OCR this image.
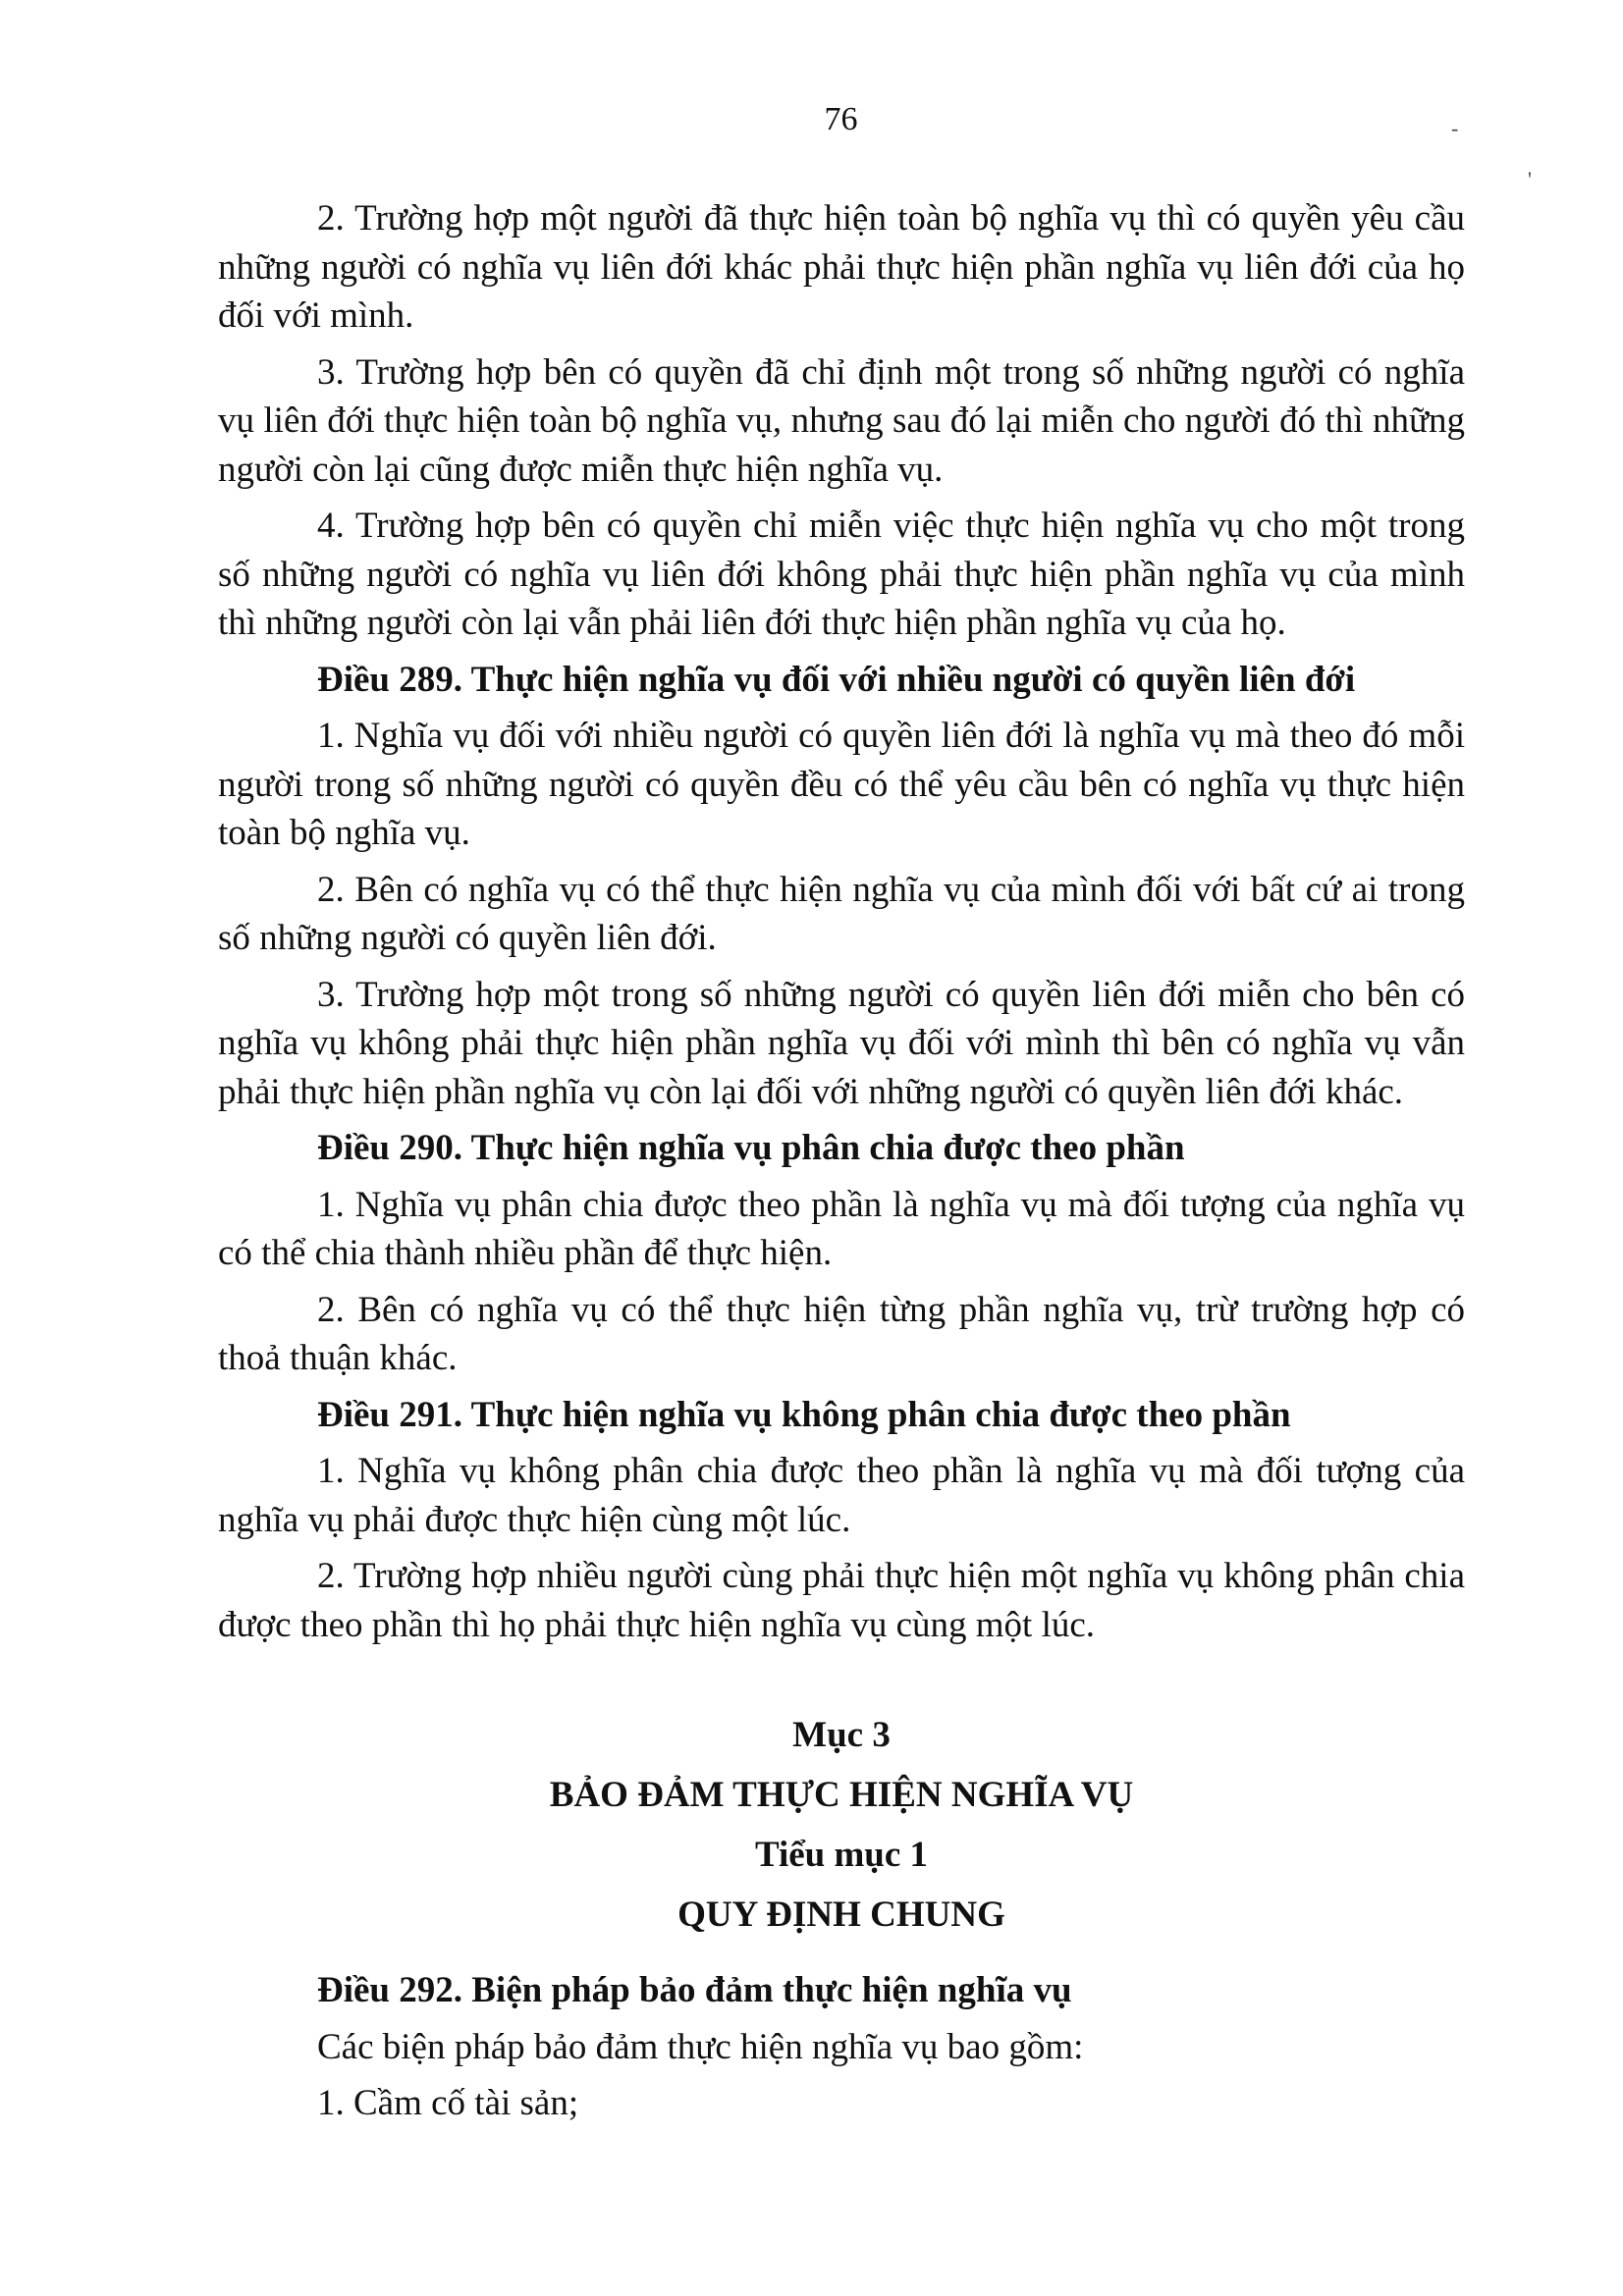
76	-
'

2. Trường hợp một người đã thực hiện toàn bộ nghĩa vụ thì có quyền yêu cầu những người có nghĩa vụ liên đới khác phải thực hiện phần nghĩa vụ liên đới của họ đối với mình.

3. Trường hợp bên có quyền đã chỉ định một trong số những người có nghĩa vụ liên đới thực hiện toàn bộ nghĩa vụ, nhưng sau đó lại miễn cho người đó thì những người còn lại cũng được miễn thực hiện nghĩa vụ.

4. Trường hợp bên có quyền chỉ miễn việc thực hiện nghĩa vụ cho một trong số những người có nghĩa vụ liên đới không phải thực hiện phần nghĩa vụ của mình thì những người còn lại vẫn phải liên đới thực hiện phần nghĩa vụ của họ.

Điều 289. Thực hiện nghĩa vụ đối với nhiều người có quyền liên đới

1. Nghĩa vụ đối với nhiều người có quyền liên đới là nghĩa vụ mà theo đó mỗi người trong số những người có quyền đều có thể yêu cầu bên có nghĩa vụ thực hiện toàn bộ nghĩa vụ.

2. Bên có nghĩa vụ có thể thực hiện nghĩa vụ của mình đối với bất cứ ai trong số những người có quyền liên đới.

3. Trường hợp một trong số những người có quyền liên đới miễn cho bên có nghĩa vụ không phải thực hiện phần nghĩa vụ đối với mình thì bên có nghĩa vụ vẫn phải thực hiện phần nghĩa vụ còn lại đối với những người có quyền liên đới khác.

Điều 290. Thực hiện nghĩa vụ phân chia được theo phần

1. Nghĩa vụ phân chia được theo phần là nghĩa vụ mà đối tượng của nghĩa vụ có thể chia thành nhiều phần để thực hiện.

2. Bên có nghĩa vụ có thể thực hiện từng phần nghĩa vụ, trừ trường hợp có thoả thuận khác.

Điều 291. Thực hiện nghĩa vụ không phân chia được theo phần

1. Nghĩa vụ không phân chia được theo phần là nghĩa vụ mà đối tượng của nghĩa vụ phải được thực hiện cùng một lúc.

2. Trường hợp nhiều người cùng phải thực hiện một nghĩa vụ không phân chia được theo phần thì họ phải thực hiện nghĩa vụ cùng một lúc.

Mục 3

BẢO ĐẢM THỰC HIỆN NGHĨA VỤ

Tiểu mục 1

QUY ĐỊNH CHUNG

Điều 292. Biện pháp bảo đảm thực hiện nghĩa vụ

Các biện pháp bảo đảm thực hiện nghĩa vụ bao gồm:

1. Cầm cố tài sản;
